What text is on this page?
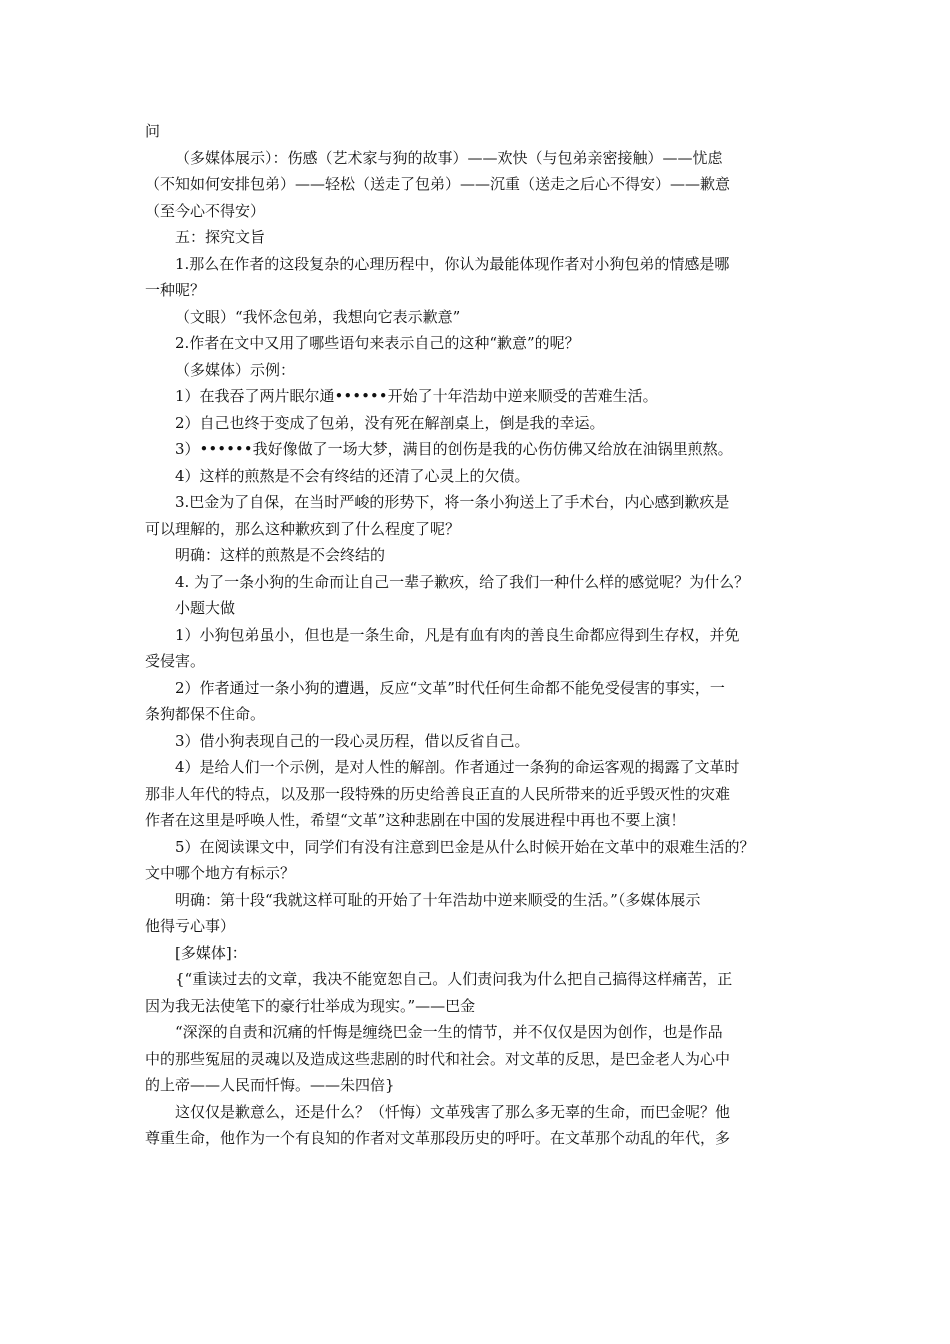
问
（多媒体展示）：伤感（艺术家与狗的故事）——欢快（与包弟亲密接触）——忧虑
（不知如何安排包弟）——轻松（送走了包弟）——沉重（送走之后心不得安）——歉意
（至今心不得安）
五：探究文旨
1.那么在作者的这段复杂的心理历程中，你认为最能体现作者对小狗包弟的情感是哪
一种呢？
（文眼）“我怀念包弟，我想向它表示歉意”
2.作者在文中又用了哪些语句来表示自己的这种“歉意”的呢？
（多媒体）示例：
1）在我吞了两片眠尔通••••••开始了十年浩劫中逆来顺受的苦难生活。
2）自己也终于变成了包弟，没有死在解剖桌上，倒是我的幸运。
3）••••••我好像做了一场大梦，满目的创伤是我的心伤仿佛又给放在油锅里煎熬。
4）这样的煎熬是不会有终结的还清了心灵上的欠债。
3.巴金为了自保，在当时严峻的形势下，将一条小狗送上了手术台，内心感到歉疚是
可以理解的，那么这种歉疚到了什么程度了呢？
明确：这样的煎熬是不会终结的
4. 为了一条小狗的生命而让自己一辈子歉疚，给了我们一种什么样的感觉呢？为什么？
小题大做
1）小狗包弟虽小，但也是一条生命，凡是有血有肉的善良生命都应得到生存权，并免
受侵害。
2）作者通过一条小狗的遭遇，反应“文革”时代任何生命都不能免受侵害的事实，一
条狗都保不住命。
3）借小狗表现自己的一段心灵历程，借以反省自己。
4）是给人们一个示例，是对人性的解剖。作者通过一条狗的命运客观的揭露了文革时
那非人年代的特点，以及那一段特殊的历史给善良正直的人民所带来的近乎毁灭性的灾难
作者在这里是呼唤人性，希望“文革”这种悲剧在中国的发展进程中再也不要上演！
5）在阅读课文中，同学们有没有注意到巴金是从什么时候开始在文革中的艰难生活的？
文中哪个地方有标示？
明确：第十段“我就这样可耻的开始了十年浩劫中逆来顺受的生活。”（多媒体展示
他得亏心事）
[多媒体]：
{“重读过去的文章，我决不能宽恕自己。人们责问我为什么把自己搞得这样痛苦，正
因为我无法使笔下的豪行壮举成为现实。”——巴金
“深深的自责和沉痛的忏悔是缠绕巴金一生的情节，并不仅仅是因为创作，也是作品
中的那些冤屈的灵魂以及造成这些悲剧的时代和社会。对文革的反思，是巴金老人为心中
的上帝——人民而忏悔。——朱四倍}
这仅仅是歉意么，还是什么？（忏悔）文革残害了那么多无辜的生命，而巴金呢？他
尊重生命，他作为一个有良知的作者对文革那段历史的呼吁。在文革那个动乱的年代，多
